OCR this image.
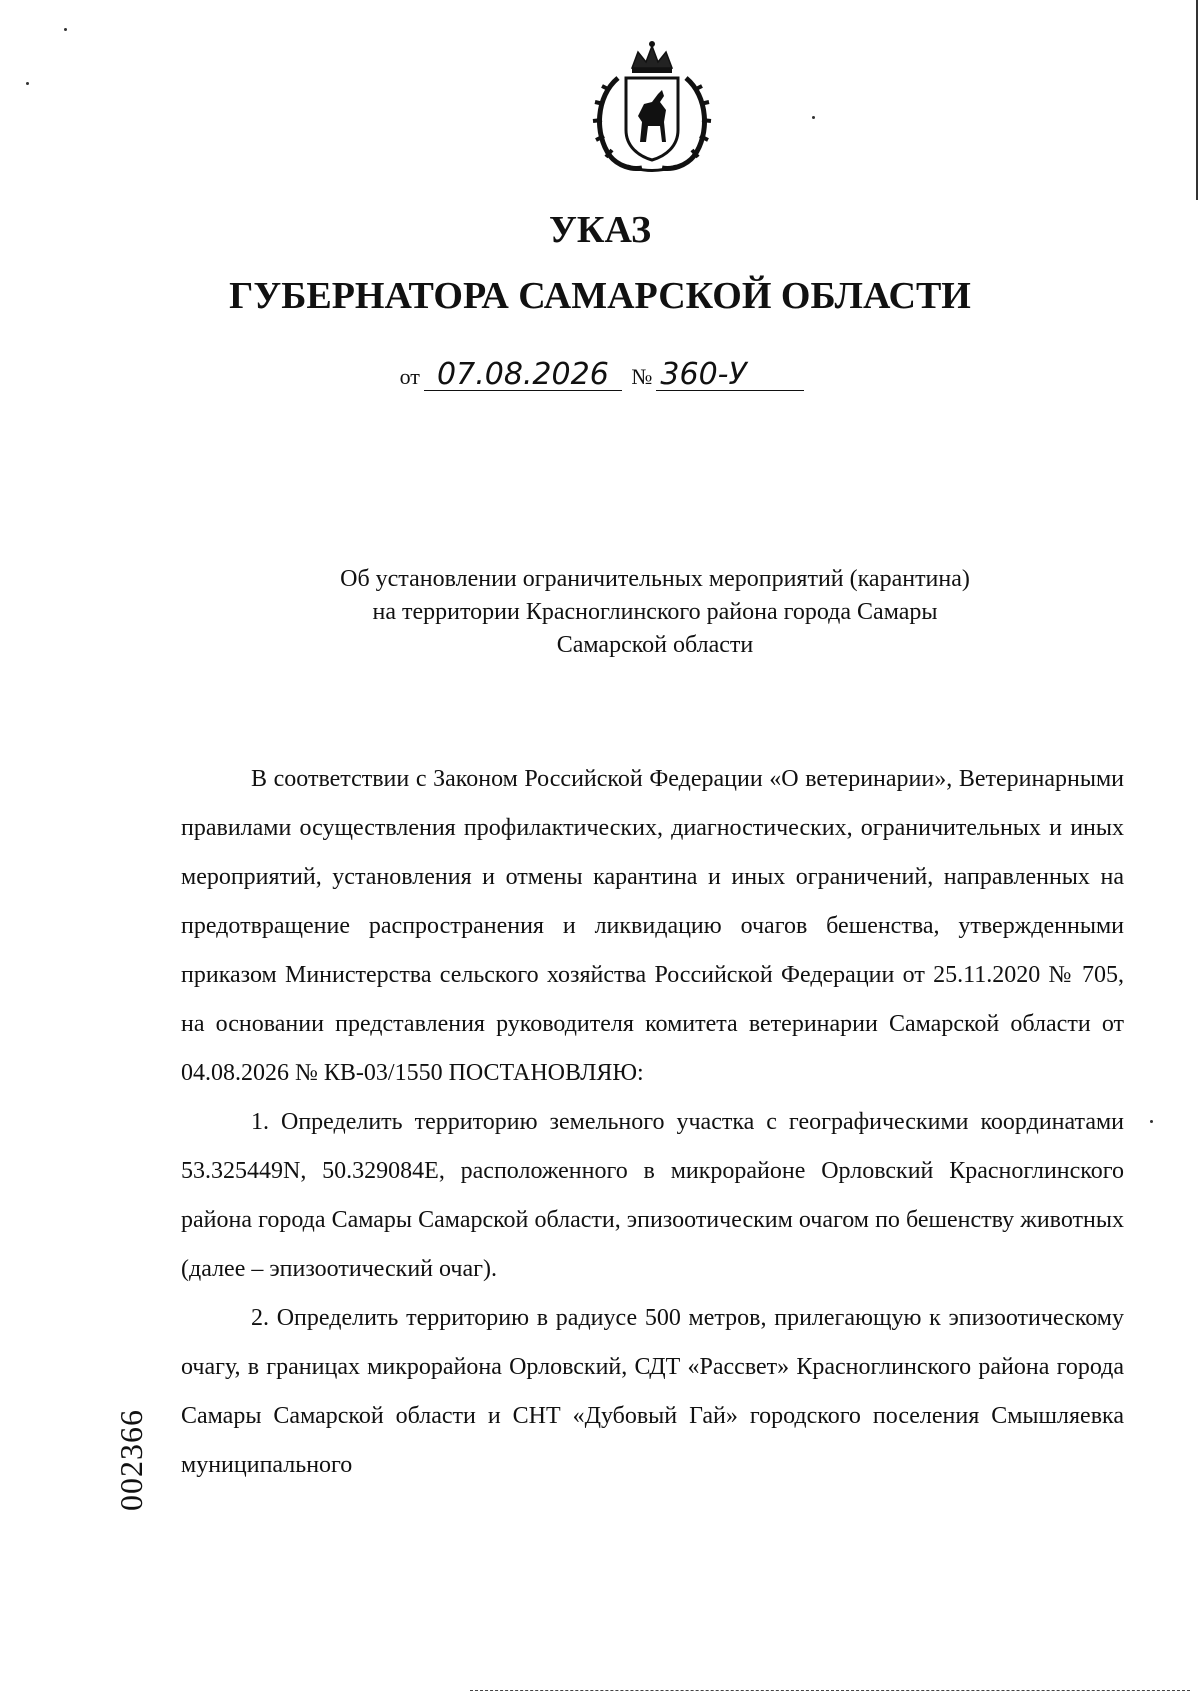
УКАЗ
ГУБЕРНАТОРА САМАРСКОЙ ОБЛАСТИ
от 07.08.2026 № 360-У
Об установлении ограничительных мероприятий (карантина)
на территории Красноглинского района города Самары
Самарской области

В соответствии с Законом Российской Федерации «О ветеринарии», Ветеринарными правилами осуществления профилактических, диагностических, ограничительных и иных мероприятий, установления и отмены карантина и иных ограничений, направленных на предотвращение распространения и ликвидацию очагов бешенства, утвержденными приказом Министерства сельского хозяйства Российской Федерации от 25.11.2020 № 705, на основании представления руководителя комитета ветеринарии Самарской области от 04.08.2026 № КВ-03/1550 ПОСТАНОВЛЯЮ:

1. Определить территорию земельного участка с географическими координатами 53.325449N, 50.329084E, расположенного в микрорайоне Орловский Красноглинского района города Самары Самарской области, эпизоотическим очагом по бешенству животных (далее – эпизоотический очаг).

2. Определить территорию в радиусе 500 метров, прилегающую к эпизоотическому очагу, в границах микрорайона Орловский, СДТ «Рассвет» Красноглинского района города Самары Самарской области и СНТ «Дубовый Гай» городского поселения Смышляевка муниципального

002366
